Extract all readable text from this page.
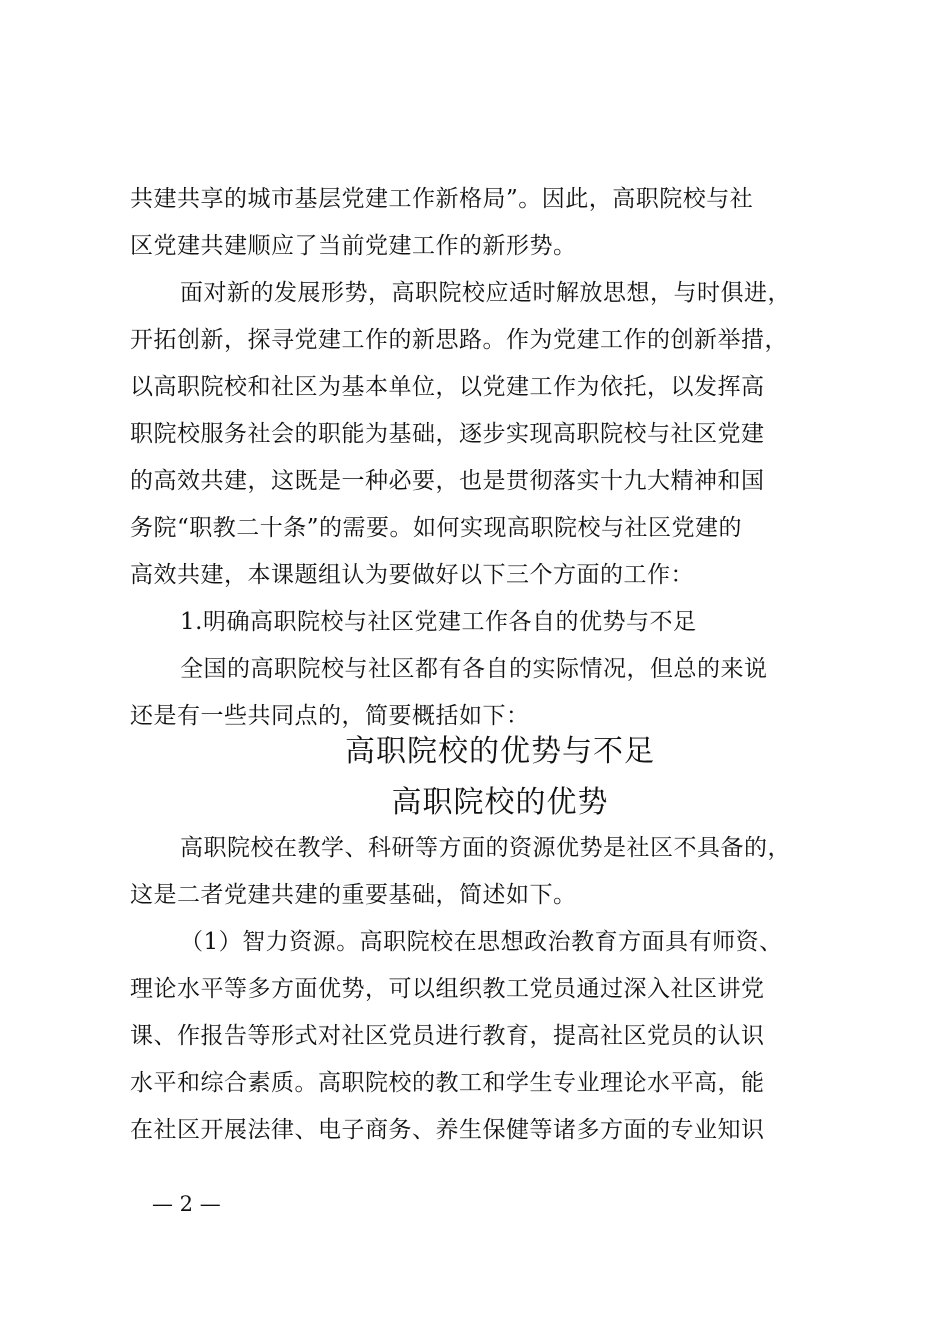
共建共享的城市基层党建工作新格局”。因此，高职院校与社
区党建共建顺应了当前党建工作的新形势。
面对新的发展形势，高职院校应适时解放思想，与时俱进，
开拓创新，探寻党建工作的新思路。作为党建工作的创新举措，
以高职院校和社区为基本单位，以党建工作为依托，以发挥高
职院校服务社会的职能为基础，逐步实现高职院校与社区党建
的高效共建，这既是一种必要，也是贯彻落实十九大精神和国
务院“职教二十条”的需要。如何实现高职院校与社区党建的
高效共建，本课题组认为要做好以下三个方面的工作：
1.明确高职院校与社区党建工作各自的优势与不足
全国的高职院校与社区都有各自的实际情况，但总的来说
还是有一些共同点的，简要概括如下：
高职院校的优势与不足
高职院校的优势
高职院校在教学、科研等方面的资源优势是社区不具备的，
这是二者党建共建的重要基础，简述如下。
（1）智力资源。高职院校在思想政治教育方面具有师资、
理论水平等多方面优势，可以组织教工党员通过深入社区讲党
课、作报告等形式对社区党员进行教育，提高社区党员的认识
水平和综合素质。高职院校的教工和学生专业理论水平高，能
在社区开展法律、电子商务、养生保健等诸多方面的专业知识
— 2 —
